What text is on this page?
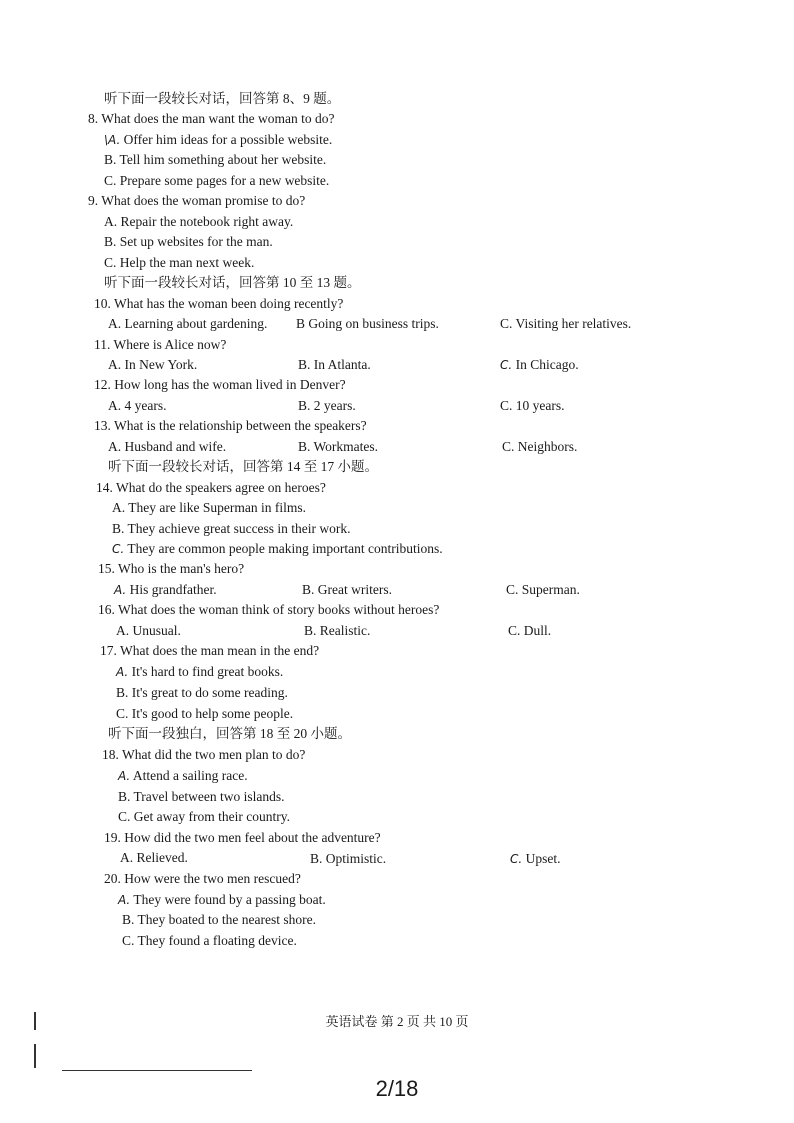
听下面一段较长对话，回答第 8、9 题。
8. What does the man want the woman to do?
\A. Offer him ideas for a possible website.
B. Tell him something about her website.
C. Prepare some pages for a new website.
9. What does the woman promise to do?
A. Repair the notebook right away.
B. Set up websites for the man.
C. Help the man next week.
听下面一段较长对话，回答第 10 至 13 题。
10. What has the woman been doing recently?
A. Learning about gardening. B Going on business trips.	C. Visiting her relatives.
11. Where is Alice now?
A. In New York.	B. In Atlanta.	C. In Chicago.
12. How long has the woman lived in Denver?
A. 4 years.	B. 2 years.	C. 10 years.
13. What is the relationship between the speakers?
A. Husband and wife.	B. Workmates.	C. Neighbors.
听下面一段较长对话，回答第 14 至 17 小题。
14. What do the speakers agree on heroes?
A. They are like Superman in films.
B. They achieve great success in their work.
C. They are common people making important contributions.
15. Who is the man's hero?
A. His grandfather.	B. Great writers.	C. Superman.
16. What does the woman think of story books without heroes?
A. Unusual.	B. Realistic.	C. Dull.
17. What does the man mean in the end?
A. It's hard to find great books.
B. It's great to do some reading.
C. It's good to help some people.
听下面一段独白，回答第 18 至 20 小题。
18. What did the two men plan to do?
A. Attend a sailing race.
B. Travel between two islands.
C. Get away from their country.
19. How did the two men feel about the adventure?
A. Relieved.	B. Optimistic.	C. Upset.
20. How were the two men rescued?
A. They were found by a passing boat.
B. They boated to the nearest shore.
C. They found a floating device.
英语试卷 第 2 页 共 10 页
2/18
